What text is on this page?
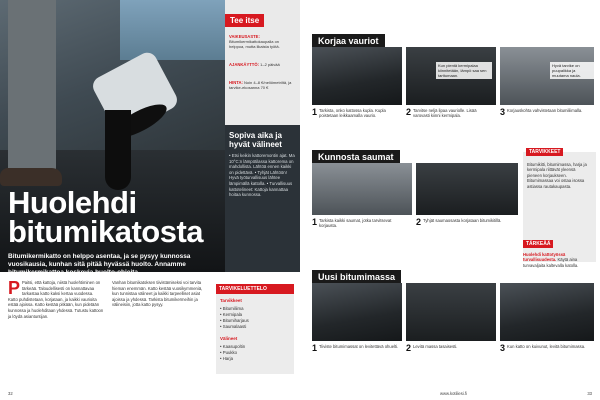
Huolehdi
bitumikatosta

Bitumikermikatto on helppo asentaa, ja se pysyy kunnossa vuosikausia, kunhan sitä pitää hyvässä huolto. Annamme bitumikermikattoa koskevia huolto-ohjeita.

Tee itse
VAIKEUSASTE: Bitumikermikattokaupalla on helppoa, mutta likaista työtä.
AJANKÄYTTÖ: 1–2 päivää
HINTA: Noin 4–8 €/neliömetriltä, ja tarvike-ekosanna 70 €
Sopiva aika ja hyvät välineet
• Etsi keikin kattoremontin ajat. Ma 10°C:n lämpötilassa kattorema on mahdollista. Lähtöä ennen kaikki on pidettävä. • Tyhjät Lähtöön! Hyvä työturvallisuus lähtee lämpimällä kattolla. • Turvallisuus kattotelineet: Kattoja kannattaa hoitaa kunnossa.
P Paitsi, että kattoja, niistä huolehtiminen on tärkeää. Taloudellisesti on kannattavaa tarkastaa katto kaksi kertaa vuodessa. Katto puhdistetaan, korjataan, ja kaikki vaurioita estää ajoissa. Katto kestää pitkään, kun pidetään kunnossa ja huolehditaan yhdessä. Tutustu kattoon ja löydä asiantuntijan.
Vanhan bitumikatoksen tiivistämiseksi voi tarvita hieman enemmän. Katto kestää vuosikymmeniä, kun tunnistaa välineet ja kaikki tarpeelliset asiat ajoissa ja yhdessä. Tarkista bitumikermeihin ja välineisiin, jotta katto pysyy.
TARVIKELUETTELO
Tarvikkeet
• Bitumiliima
• Kermipala
• Bitumiharjaus
• Saumalaasti
Välineet
• Kaasupoltin
• Puukko
• Harja
32
Korjaa vauriot
Kun pientä kermipalaa kiinnitetään, lämpö saa sen tarttumaan.
Hyvä tarvike on puupalikka ja muutama naula.
1 Tarkista, onko kattossa kupla. Kupla poistetaan leikkaamalla vaurio.	2 Tarvitse neljä lipaa vauriolle. Lisää varovasti kiinni kermipala.	3 Korjauskohta vahvistetaan bitumiliimalla.
Kunnosta saumat
1 Tarkista kaikki saumat, jotka tarvitsevat korjausta.	2 Tyhjät saumaosasta korjataan bitumikitillä.
TARVIKKEET
Bitumikitti, bitumimassa, harja ja kermipala riittävät yleensä pieneen korjaukseen. Bitumimassaa voi ostaa isossa astiassa rautakaupasta.
TÄRKEÄÄ
Huolehdi kattotyössä turvallisuudesta. Käytä aina turvavaljaita kaltevalla katolla.
Uusi bitumimassa
1 Tiiviste bitumimassat on levitettävä ohuelti. 2 Levitä massa tasaisesti.	3 Kun katto on kuivunut, levitä bitumimassa.
www.kotiliesi.fi	33
